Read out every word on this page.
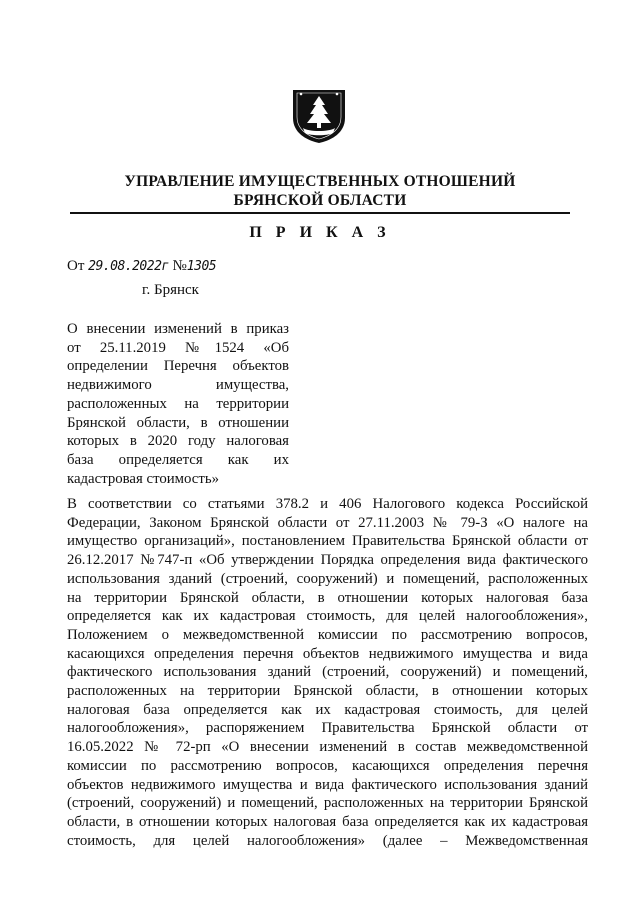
УПРАВЛЕНИЕ ИМУЩЕСТВЕННЫХ ОТНОШЕНИЙ
БРЯНСКОЙ ОБЛАСТИ
П Р И К А З
От 29.08.2022г №1305
г. Брянск
О внесении изменений в приказ
от 25.11.2019 №1524 «Об
определении Перечня объектов
недвижимого имущества,
расположенных на территории
Брянской области, в отношении
которых в 2020 году налоговая
база определяется как их
кадастровая стоимость»
В соответствии со статьями 378.2 и 406 Налогового кодекса Российской
Федерации, Законом Брянской области от 27.11.2003 № 79-З «О налоге на
имущество организаций», постановлением Правительства Брянской области от
26.12.2017 №747-п «Об утверждении Порядка определения вида фактического
использования зданий (строений, сооружений) и помещений, расположенных
на территории Брянской области, в отношении которых налоговая база
определяется как их кадастровая стоимость, для целей налогообложения»,
Положением о межведомственной комиссии по рассмотрению вопросов,
касающихся определения перечня объектов недвижимого имущества и вида
фактического использования зданий (строений, сооружений) и помещений,
расположенных на территории Брянской области, в отношении которых
налоговая база определяется как их кадастровая стоимость, для целей
налогообложения», распоряжением Правительства Брянской области от
16.05.2022 № 72-рп «О внесении изменений в состав межведомственной
комиссии по рассмотрению вопросов, касающихся определения перечня
объектов недвижимого имущества и вида фактического использования зданий
(строений, сооружений) и помещений, расположенных на территории Брянской
области, в отношении которых налоговая база определяется как их кадастровая
стоимость, для целей налогообложения» (далее – Межведомственная
